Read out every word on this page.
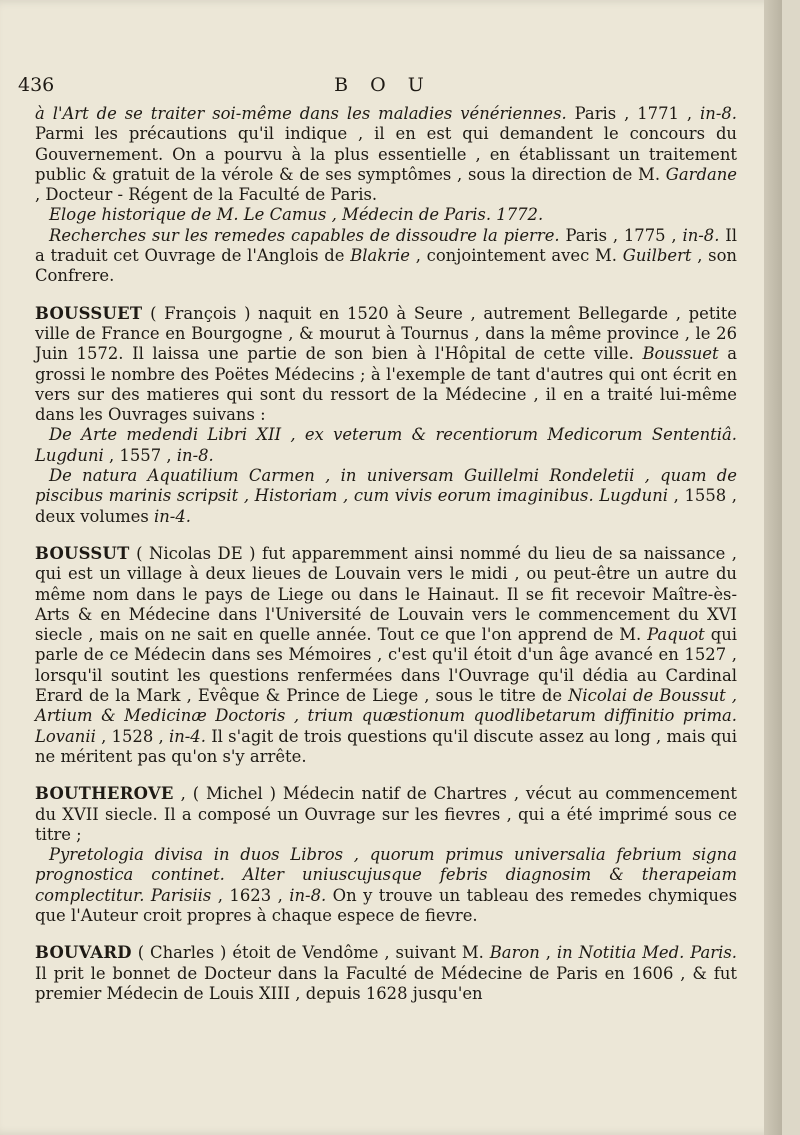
436	B O U

à l'Art de se traiter soi-même dans les maladies vénériennes. Paris , 1771 , in-8. Parmi les précautions qu'il indique , il en est qui demandent le concours du Gouvernement. On a pourvu à la plus essentielle , en établissant un traitement public & gratuit de la vérole & de ses symptômes , sous la direction de M. Gardane , Docteur - Régent de la Faculté de Paris.

Eloge historique de M. Le Camus , Médecin de Paris. 1772.

Recherches sur les remedes capables de dissoudre la pierre. Paris , 1775 , in-8. Il a traduit cet Ouvrage de l'Anglois de Blakrie , conjointement avec M. Guilbert , son Confrere.

BOUSSUET ( François ) naquit en 1520 à Seure , autrement Bellegarde , petite ville de France en Bourgogne , & mourut à Tournus , dans la même province , le 26 Juin 1572. Il laissa une partie de son bien à l'Hôpital de cette ville. Boussuet a grossi le nombre des Poëtes Médecins ; à l'exemple de tant d'autres qui ont écrit en vers sur des matieres qui sont du ressort de la Médecine , il en a traité lui-même dans les Ouvrages suivans :

De Arte medendi Libri XII , ex veterum & recentiorum Medicorum Sententiâ. Lugduni , 1557 , in-8.

De natura Aquatilium Carmen , in universam Guillelmi Rondeletii , quam de piscibus marinis scripsit , Historiam , cum vivis eorum imaginibus. Lugduni , 1558 , deux volumes in-4.

BOUSSUT ( Nicolas DE ) fut apparemment ainsi nommé du lieu de sa naissance , qui est un village à deux lieues de Louvain vers le midi , ou peut-être un autre du même nom dans le pays de Liege ou dans le Hainaut. Il se fit recevoir Maître-ès-Arts & en Médecine dans l'Université de Louvain vers le commencement du XVI siecle , mais on ne sait en quelle année. Tout ce que l'on apprend de M. Paquot qui parle de ce Médecin dans ses Mémoires , c'est qu'il étoit d'un âge avancé en 1527 , lorsqu'il soutint les questions renfermées dans l'Ouvrage qu'il dédia au Cardinal Erard de la Mark , Evêque & Prince de Liege , sous le titre de Nicolai de Boussut , Artium & Medicinæ Doctoris , trium quæstionum quodlibetarum diffinitio prima. Lovanii , 1528 , in-4. Il s'agit de trois questions qu'il discute assez au long , mais qui ne méritent pas qu'on s'y arrête.

BOUTHEROVE , ( Michel ) Médecin natif de Chartres , vécut au commencement du XVII siecle. Il a composé un Ouvrage sur les fievres , qui a été imprimé sous ce titre ;

Pyretologia divisa in duos Libros , quorum primus universalia febrium signa prognostica continet. Alter uniuscujusque febris diagnosim & therapeiam complectitur. Parisiis , 1623 , in-8. On y trouve un tableau des remedes chymiques que l'Auteur croit propres à chaque espece de fievre.

BOUVARD ( Charles ) étoit de Vendôme , suivant M. Baron , in Notitia Med. Paris. Il prit le bonnet de Docteur dans la Faculté de Médecine de Paris en 1606 , & fut premier Médecin de Louis XIII , depuis 1628 jusqu'en
